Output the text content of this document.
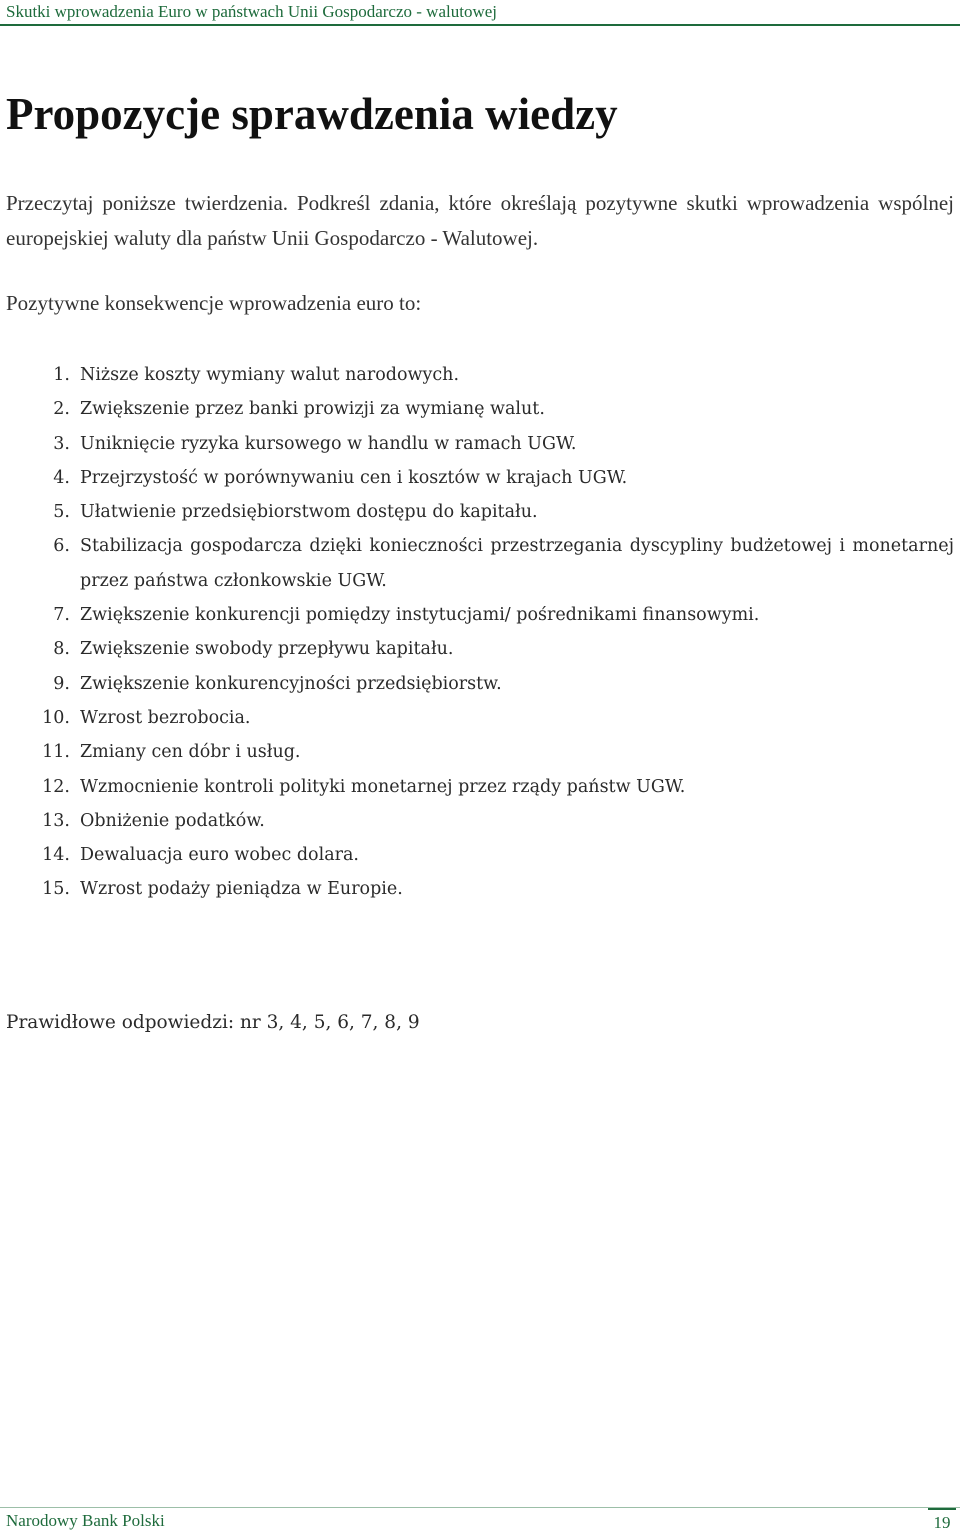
Skutki wprowadzenia Euro w państwach Unii Gospodarczo - walutowej
Propozycje sprawdzenia wiedzy

Przeczytaj poniższe twierdzenia. Podkreśl zdania, które określają pozytywne skutki wprowadzenia wspólnej europejskiej waluty dla państw Unii Gospodarczo - Walutowej.

Pozytywne konsekwencje wprowadzenia euro to:

1. Niższe koszty wymiany walut narodowych.
2. Zwiększenie przez banki prowizji za wymianę walut.
3. Uniknięcie ryzyka kursowego w handlu w ramach UGW.
4. Przejrzystość w porównywaniu cen i kosztów w krajach UGW.
5. Ułatwienie przedsiębiorstwom dostępu do kapitału.
6. Stabilizacja gospodarcza dzięki konieczności przestrzegania dyscypliny budżetowej i monetarnej przez państwa członkowskie UGW.
7. Zwiększenie konkurencji pomiędzy instytucjami/ pośrednikami finansowymi.
8. Zwiększenie swobody przepływu kapitału.
9. Zwiększenie konkurencyjności przedsiębiorstw.
10. Wzrost bezrobocia.
11. Zmiany cen dóbr i usług.
12. Wzmocnienie kontroli polityki monetarnej przez rządy państw UGW.
13. Obniżenie podatków.
14. Dewaluacja euro wobec dolara.
15. Wzrost podaży pieniądza w Europie.

Prawidłowe odpowiedzi: nr 3, 4, 5, 6, 7, 8, 9

Narodowy Bank Polski	19
